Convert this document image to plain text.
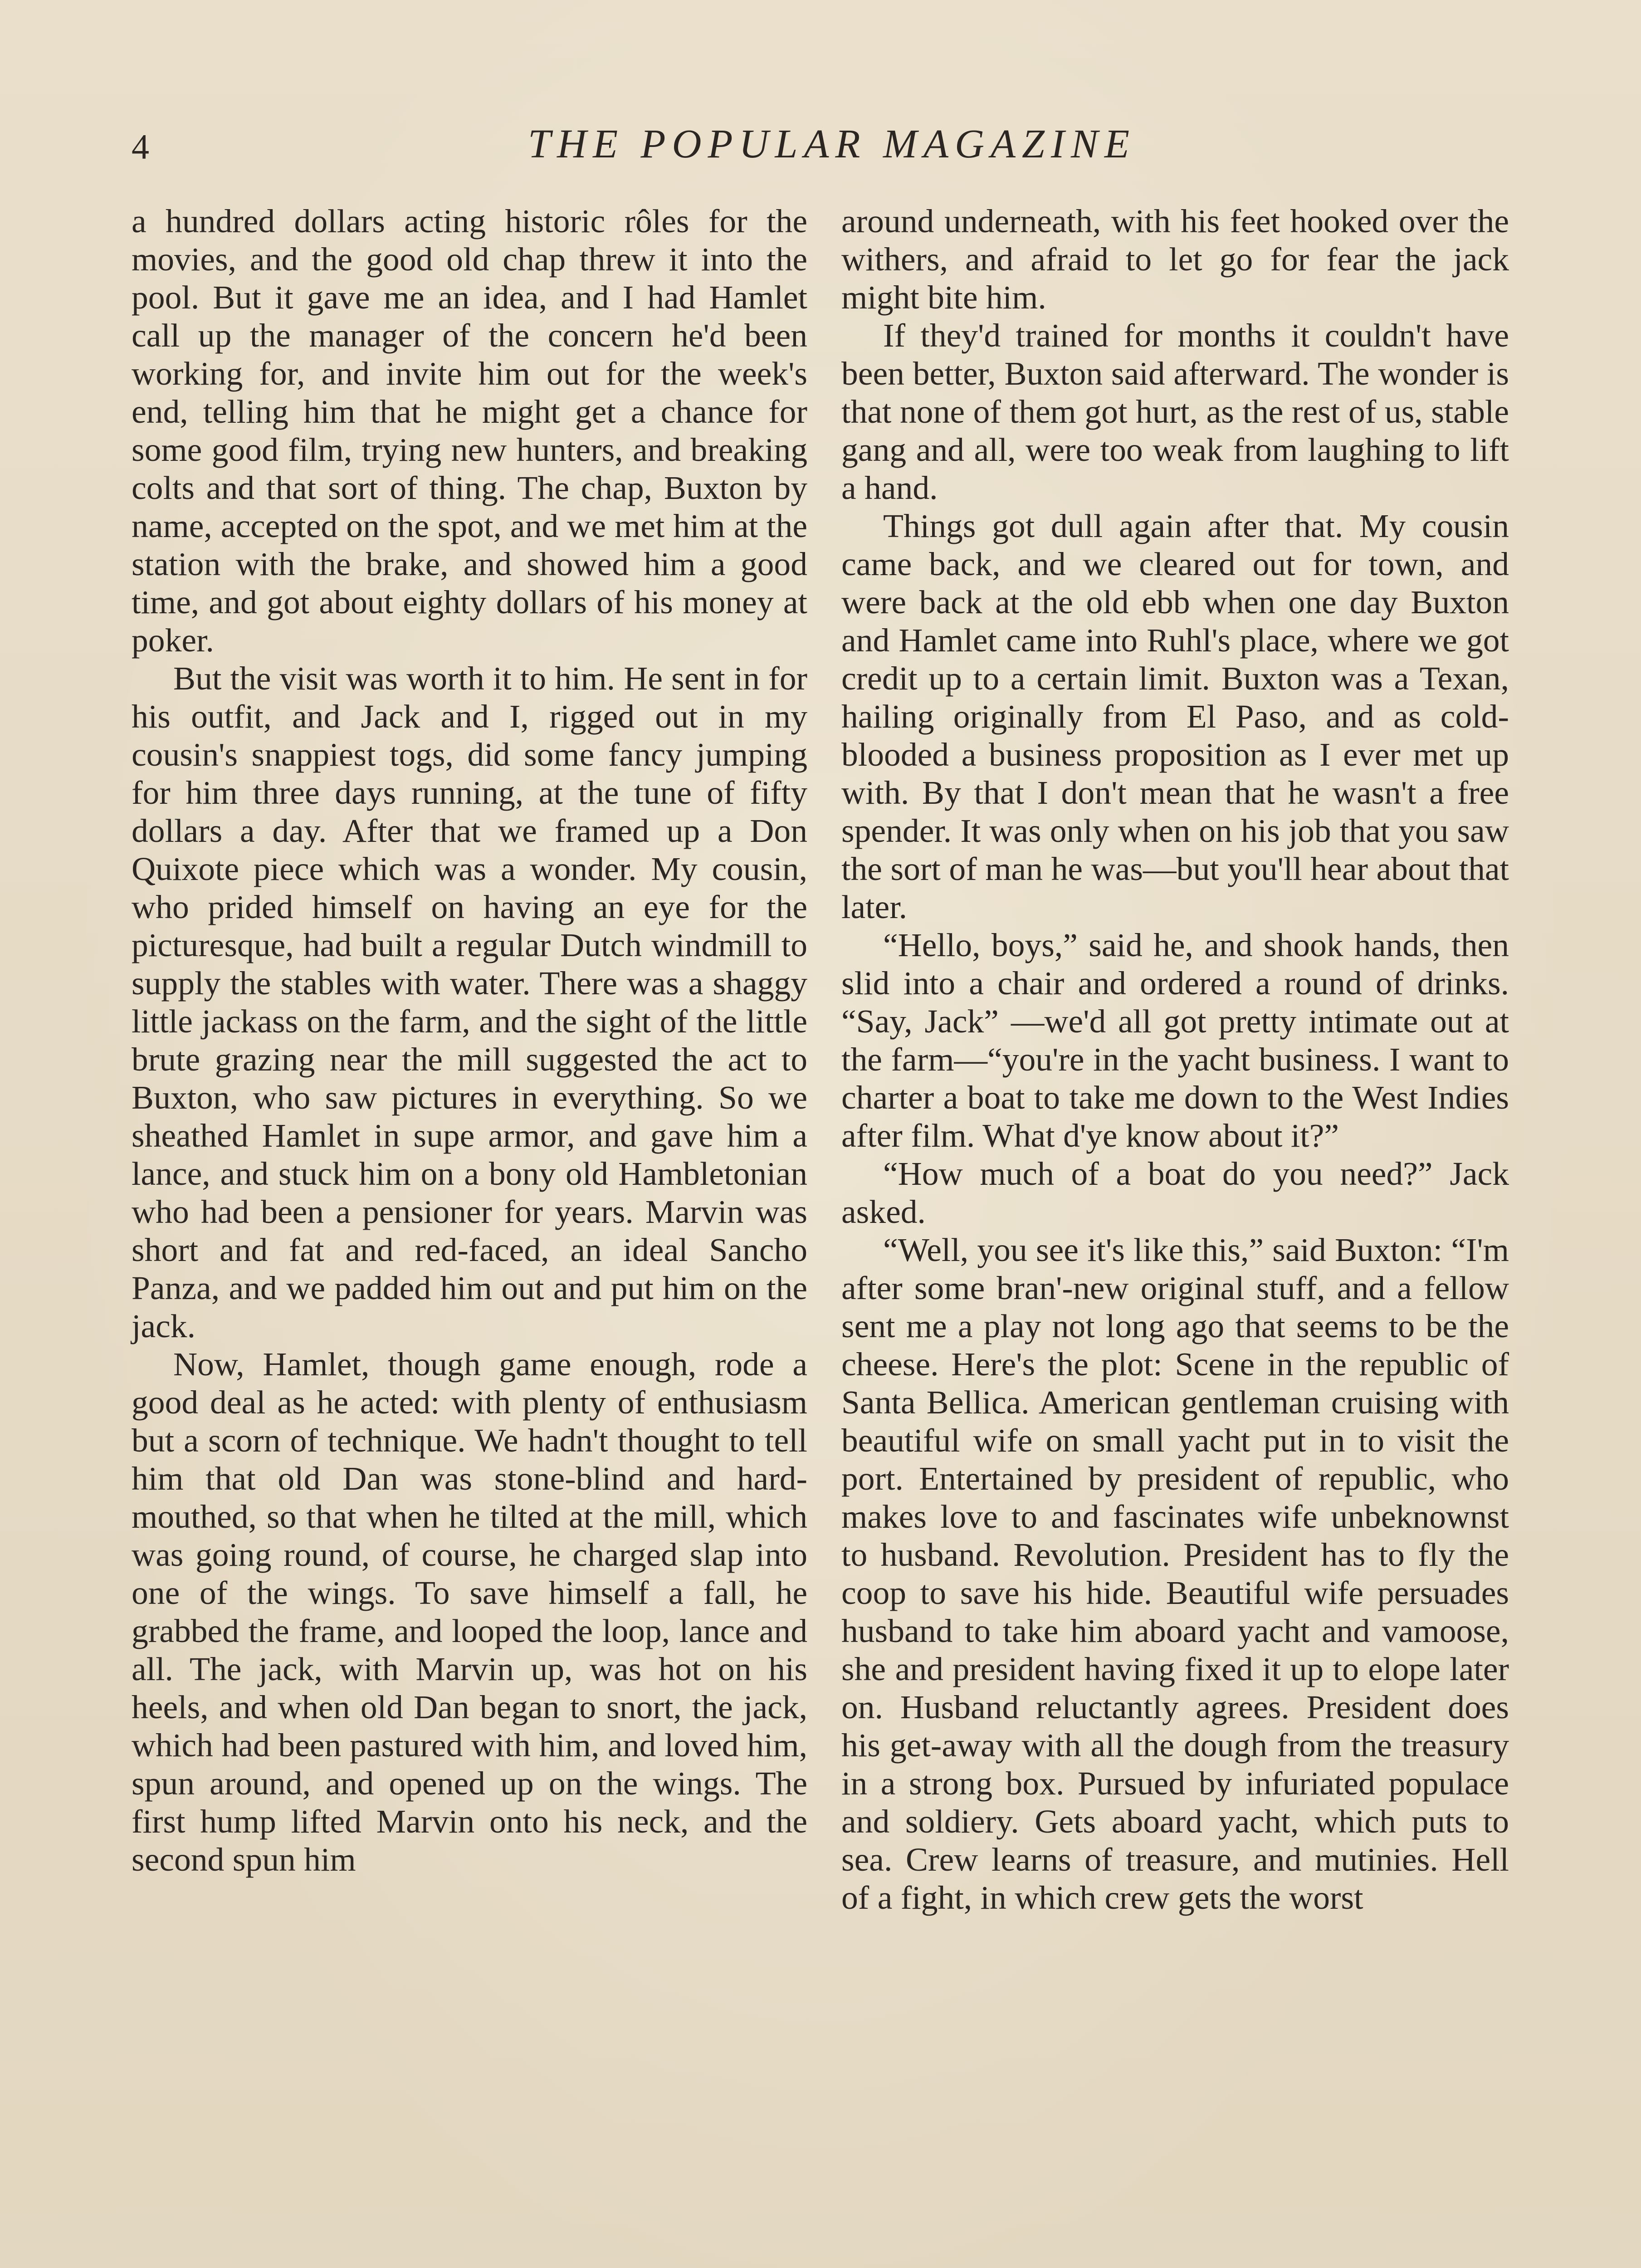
4	THE POPULAR MAGAZINE

a hundred dollars acting historic rôles for the movies, and the good old chap threw it into the pool. But it gave me an idea, and I had Hamlet call up the manager of the concern he'd been working for, and invite him out for the week's end, telling him that he might get a chance for some good film, trying new hunters, and breaking colts and that sort of thing. The chap, Buxton by name, accepted on the spot, and we met him at the station with the brake, and showed him a good time, and got about eighty dollars of his money at poker.

But the visit was worth it to him. He sent in for his outfit, and Jack and I, rigged out in my cousin's snappiest togs, did some fancy jumping for him three days running, at the tune of fifty dollars a day. After that we framed up a Don Quixote piece which was a wonder. My cousin, who prided himself on having an eye for the picturesque, had built a regular Dutch windmill to supply the stables with water. There was a shaggy little jackass on the farm, and the sight of the little brute grazing near the mill suggested the act to Buxton, who saw pictures in everything. So we sheathed Hamlet in supe armor, and gave him a lance, and stuck him on a bony old Hambletonian who had been a pensioner for years. Marvin was short and fat and red-faced, an ideal Sancho Panza, and we padded him out and put him on the jack.

Now, Hamlet, though game enough, rode a good deal as he acted: with plenty of enthusiasm but a scorn of technique. We hadn't thought to tell him that old Dan was stone-blind and hard-mouthed, so that when he tilted at the mill, which was going round, of course, he charged slap into one of the wings. To save himself a fall, he grabbed the frame, and looped the loop, lance and all. The jack, with Marvin up, was hot on his heels, and when old Dan began to snort, the jack, which had been pastured with him, and loved him, spun around, and opened up on the wings. The first hump lifted Marvin onto his neck, and the second spun him

around underneath, with his feet hooked over the withers, and afraid to let go for fear the jack might bite him.

If they'd trained for months it couldn't have been better, Buxton said afterward. The wonder is that none of them got hurt, as the rest of us, stable gang and all, were too weak from laughing to lift a hand.

Things got dull again after that. My cousin came back, and we cleared out for town, and were back at the old ebb when one day Buxton and Hamlet came into Ruhl's place, where we got credit up to a certain limit. Buxton was a Texan, hailing originally from El Paso, and as cold-blooded a business proposition as I ever met up with. By that I don't mean that he wasn't a free spender. It was only when on his job that you saw the sort of man he was—but you'll hear about that later.

“Hello, boys,” said he, and shook hands, then slid into a chair and ordered a round of drinks. “Say, Jack” —we'd all got pretty intimate out at the farm—“you're in the yacht business. I want to charter a boat to take me down to the West Indies after film. What d'ye know about it?”

“How much of a boat do you need?” Jack asked.

“Well, you see it's like this,” said Buxton: “I'm after some bran'-new original stuff, and a fellow sent me a play not long ago that seems to be the cheese. Here's the plot: Scene in the republic of Santa Bellica. American gentleman cruising with beautiful wife on small yacht put in to visit the port. Entertained by president of republic, who makes love to and fascinates wife unbeknownst to husband. Revolution. President has to fly the coop to save his hide. Beautiful wife persuades husband to take him aboard yacht and vamoose, she and president having fixed it up to elope later on. Husband reluctantly agrees. President does his get-away with all the dough from the treasury in a strong box. Pursued by infuriated populace and soldiery. Gets aboard yacht, which puts to sea. Crew learns of treasure, and mutinies. Hell of a fight, in which crew gets the worst
